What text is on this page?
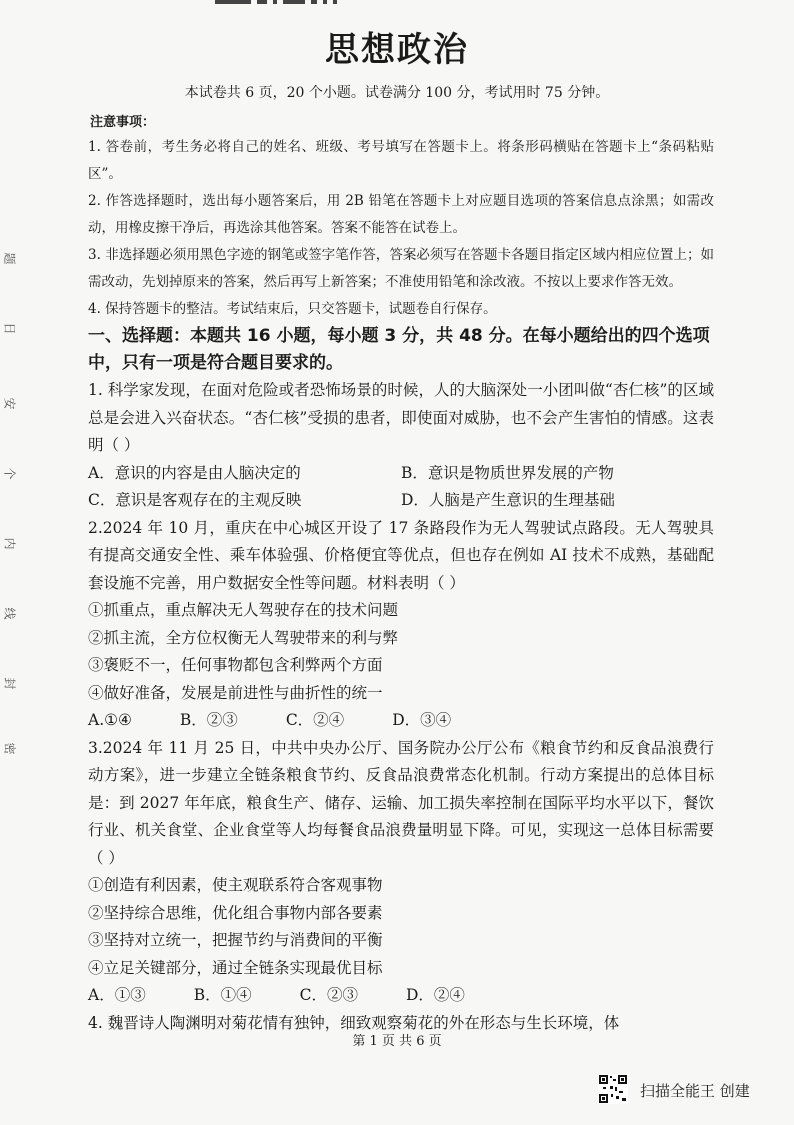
题
日
安
个
内
线
封
密
思想政治
本试卷共 6 页，20 个小题。试卷满分 100 分，考试用时 75 分钟。
注意事项：

1. 答卷前，考生务必将自己的姓名、班级、考号填写在答题卡上。将条形码横贴在答题卡上“条码粘贴区”。

2. 作答选择题时，选出每小题答案后，用 2B 铅笔在答题卡上对应题目选项的答案信息点涂黑；如需改动，用橡皮擦干净后，再选涂其他答案。答案不能答在试卷上。

3. 非选择题必须用黑色字迹的钢笔或签字笔作答，答案必须写在答题卡各题目指定区域内相应位置上；如需改动，先划掉原来的答案，然后再写上新答案；不准使用铅笔和涂改液。不按以上要求作答无效。

4. 保持答题卡的整洁。考试结束后，只交答题卡，试题卷自行保存。

一、选择题：本题共 16 小题，每小题 3 分，共 48 分。在每小题给出的四个选项中，只有一项是符合题目要求的。

1. 科学家发现，在面对危险或者恐怖场景的时候，人的大脑深处一小团叫做“杏仁核”的区域总是会进入兴奋状态。“杏仁核”受损的患者，即使面对威胁，也不会产生害怕的情感。这表明（ ）

A．意识的内容是由人脑决定的	B．意识是物质世界发展的产物
C．意识是客观存在的主观反映	D．人脑是产生意识的生理基础

2.2024 年 10 月，重庆在中心城区开设了 17 条路段作为无人驾驶试点路段。无人驾驶具有提高交通安全性、乘车体验强、价格便宜等优点，但也存在例如 AI 技术不成熟，基础配套设施不完善，用户数据安全性等问题。材料表明（ ）

①抓重点，重点解决无人驾驶存在的技术问题

②抓主流，全方位权衡无人驾驶带来的利与弊

③褒贬不一，任何事物都包含利弊两个方面

④做好准备，发展是前进性与曲折性的统一

A.①④	B．②③	C．②④	D．③④

3.2024 年 11 月 25 日，中共中央办公厅、国务院办公厅公布《粮食节约和反食品浪费行动方案》，进一步建立全链条粮食节约、反食品浪费常态化机制。行动方案提出的总体目标是：到 2027 年年底，粮食生产、储存、运输、加工损失率控制在国际平均水平以下，餐饮行业、机关食堂、企业食堂等人均每餐食品浪费量明显下降。可见，实现这一总体目标需要（ ）

①创造有利因素，使主观联系符合客观事物

②坚持综合思维，优化组合事物内部各要素

③坚持对立统一，把握节约与消费间的平衡

④立足关键部分，通过全链条实现最优目标

A．①③	B．①④	C．②③	D．②④

4. 魏晋诗人陶渊明对菊花情有独钟，细致观察菊花的外在形态与生长环境，体

第 1 页 共 6 页
扫描全能王 创建
